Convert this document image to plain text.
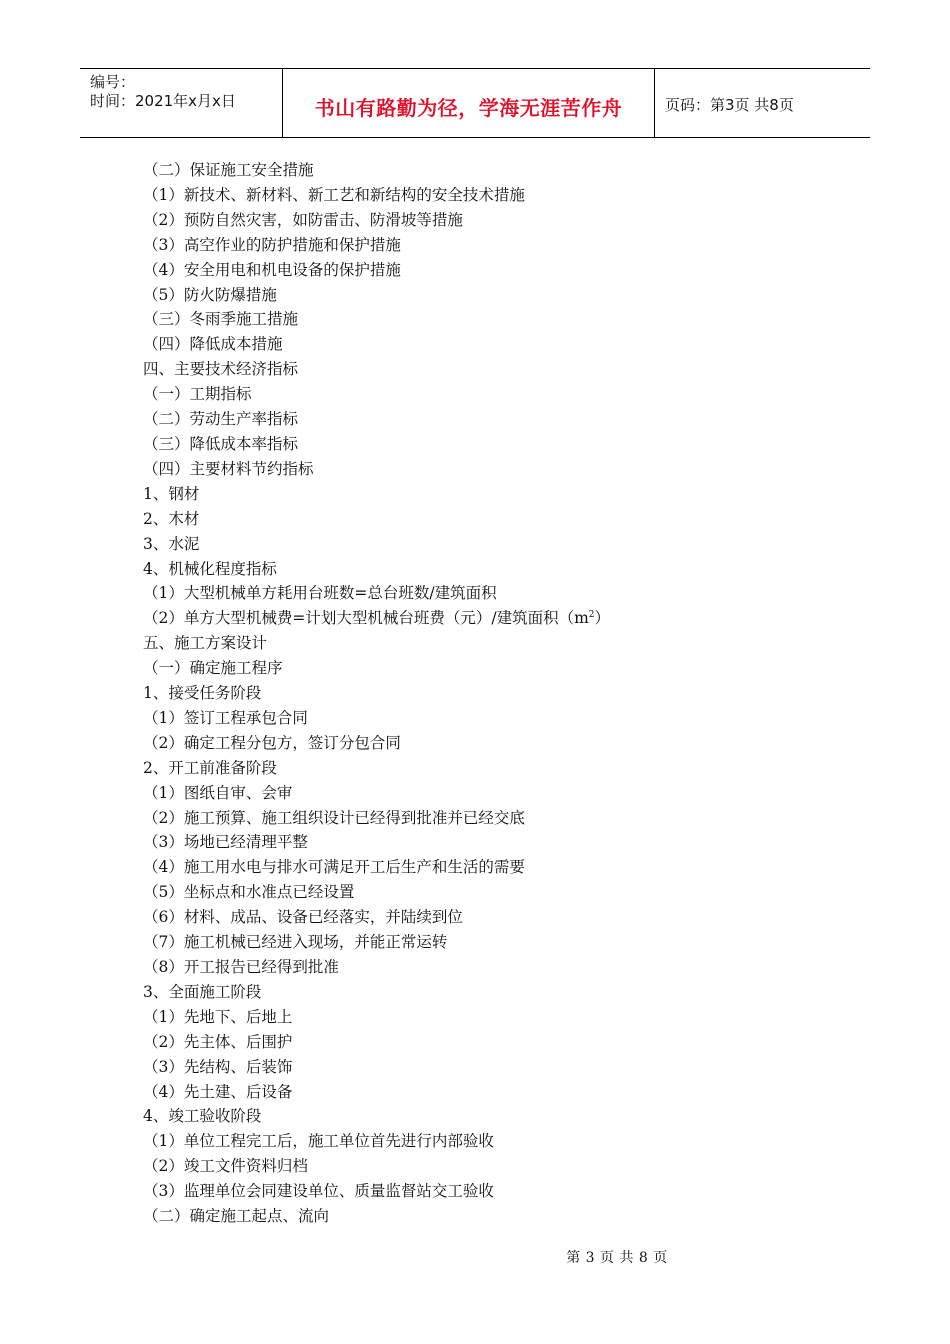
编号：
时间：2021年x月x日	书山有路勤为径，学海无涯苦作舟	页码：第3页 共8页
（二）保证施工安全措施
（1）新技术、新材料、新工艺和新结构的安全技术措施
（2）预防自然灾害，如防雷击、防滑坡等措施
（3）高空作业的防护措施和保护措施
（4）安全用电和机电设备的保护措施
（5）防火防爆措施
（三）冬雨季施工措施
（四）降低成本措施
四、主要技术经济指标
（一）工期指标
（二）劳动生产率指标
（三）降低成本率指标
（四）主要材料节约指标
1、钢材
2、木材
3、水泥
4、机械化程度指标
（1）大型机械单方耗用台班数=总台班数/建筑面积
（2）单方大型机械费=计划大型机械台班费（元）/建筑面积$(m^2)$
五、施工方案设计
（一）确定施工程序
1、接受任务阶段
（1）签订工程承包合同
（2）确定工程分包方，签订分包合同
2、开工前准备阶段
（1）图纸自审、会审
（2）施工预算、施工组织设计已经得到批准并已经交底
（3）场地已经清理平整
（4）施工用水电与排水可满足开工后生产和生活的需要
（5）坐标点和水准点已经设置
（6）材料、成品、设备已经落实，并陆续到位
（7）施工机械已经进入现场，并能正常运转
（8）开工报告已经得到批准
3、全面施工阶段
（1）先地下、后地上
（2）先主体、后围护
（3）先结构、后装饰
（4）先土建、后设备
4、竣工验收阶段
（1）单位工程完工后，施工单位首先进行内部验收
（2）竣工文件资料归档
（3）监理单位会同建设单位、质量监督站交工验收
（二）确定施工起点、流向
第 3 页 共 8 页
